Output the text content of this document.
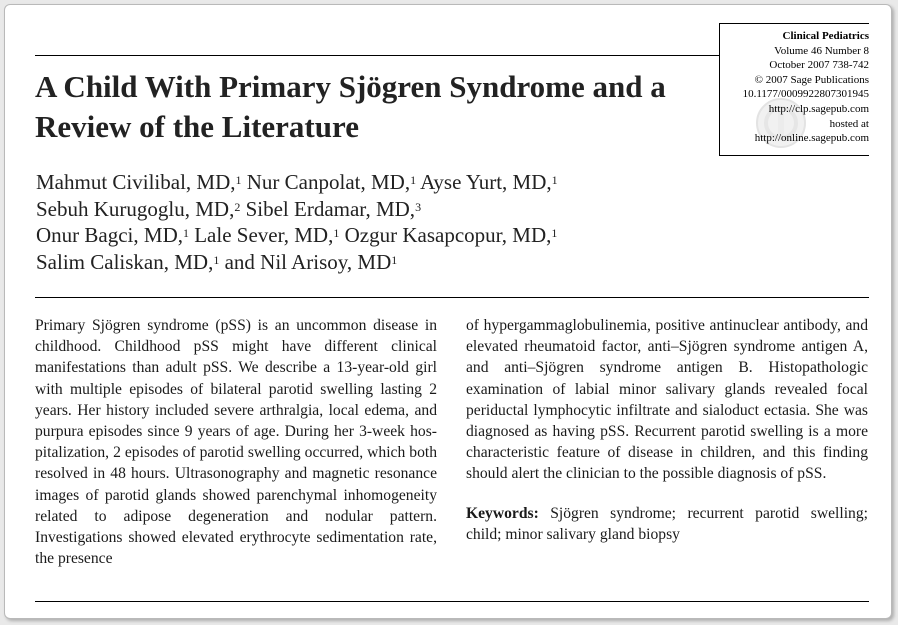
Clinical Pediatrics
Volume 46 Number 8
October 2007 738-742
© 2007 Sage Publications
10.1177/0009922807301945
http://clp.sagepub.com
hosted at
http://online.sagepub.com
A Child With Primary Sjögren Syndrome and a Review of the Literature
Mahmut Civilibal, MD,$^1$ Nur Canpolat, MD,$^1$ Ayse Yurt, MD,$^1$
Sebuh Kurugoglu, MD,$^2$ Sibel Erdamar, MD,$^3$
Onur Bagci, MD,$^1$ Lale Sever, MD,$^1$ Ozgur Kasapcopur, MD,$^1$
Salim Caliskan, MD,$^1$ and Nil Arisoy, $MD^1$
Primary Sjögren syndrome (pSS) is an uncommon disease in childhood. Childhood pSS might have different clinical manifestations than adult pSS. We describe a 13-year-old girl with multiple episodes of bilateral parotid swelling lasting 2 years. Her history included severe arthralgia, local edema, and purpura episodes since 9 years of age. During her 3-week hospitalization, 2 episodes of parotid swelling occurred, which both resolved in 48 hours. Ultrasonography and magnetic resonance images of parotid glands showed parenchymal inhomogeneity related to adipose degeneration and nodular pattern. Investigations showed elevated erythrocyte sedimentation rate, the presence
of hypergammaglobulinemia, positive antinuclear antibody, and elevated rheumatoid factor, anti–Sjögren syndrome antigen A, and anti–Sjögren syndrome antigen B. Histopathologic examination of labial minor salivary glands revealed focal periductal lymphocytic infiltrate and sialoduct ectasia. She was diagnosed as having pSS. Recurrent parotid swelling is a more characteristic feature of disease in children, and this finding should alert the clinician to the possible diagnosis of pSS.
Keywords: Sjögren syndrome; recurrent parotid swelling; child; minor salivary gland biopsy
